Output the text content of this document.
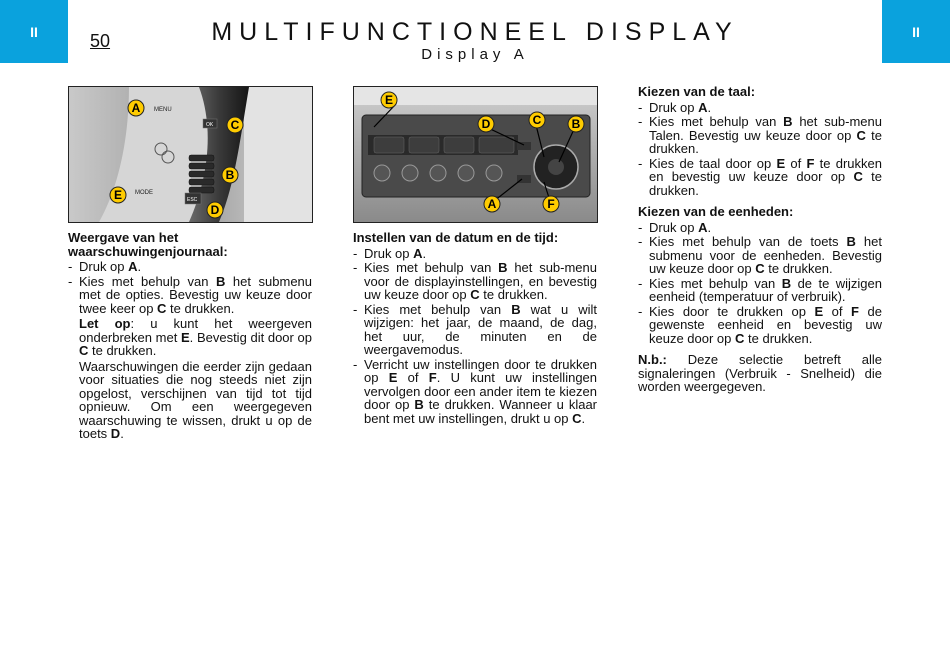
II	II
50	MULTIFUNCTIONEEL DISPLAY
Display A
MENU
OK
MODE
ESC
A
C
B
E
D
E
D	C	B
A	F
Weergave van het waarschuwingenjournaal:
- Druk op A.
- Kies met behulp van B het submenu met de opties. Bevestig uw keuze door twee keer op C te drukken.

Let op: u kunt het weergeven onderbreken met E. Bevestig dit door op C te drukken.

Waarschuwingen die eerder zijn gedaan voor situaties die nog steeds niet zijn opgelost, verschijnen van tijd tot tijd opnieuw. Om een weergegeven waarschuwing te wissen, drukt u op de toets D.

Instellen van de datum en de tijd:
- Druk op A.
- Kies met behulp van B het sub-menu voor de displayinstellingen, en bevestig uw keuze door op C te drukken.
- Kies met behulp van B wat u wilt wijzigen: het jaar, de maand, de dag, het uur, de minuten en de weergavemodus.
- Verricht uw instellingen door te drukken op E of F. U kunt uw instellingen vervolgen door een ander item te kiezen door op B te drukken. Wanneer u klaar bent met uw instellingen, drukt u op C.
Kiezen van de taal:
- Druk op A.
- Kies met behulp van B het sub-menu Talen. Bevestig uw keuze door op C te drukken.
- Kies de taal door op E of F te drukken en bevestig uw keuze door op C te drukken.
Kiezen van de eenheden:
- Druk op A.
- Kies met behulp van de toets B het submenu voor de eenheden. Bevestig uw keuze door op C te drukken.
- Kies met behulp van B de te wijzigen eenheid (temperatuur of verbruik).
- Kies door te drukken op E of F de gewenste eenheid en bevestig uw keuze door op C te drukken.

N.b.: Deze selectie betreft alle signaleringen (Verbruik - Snelheid) die worden weergegeven.
